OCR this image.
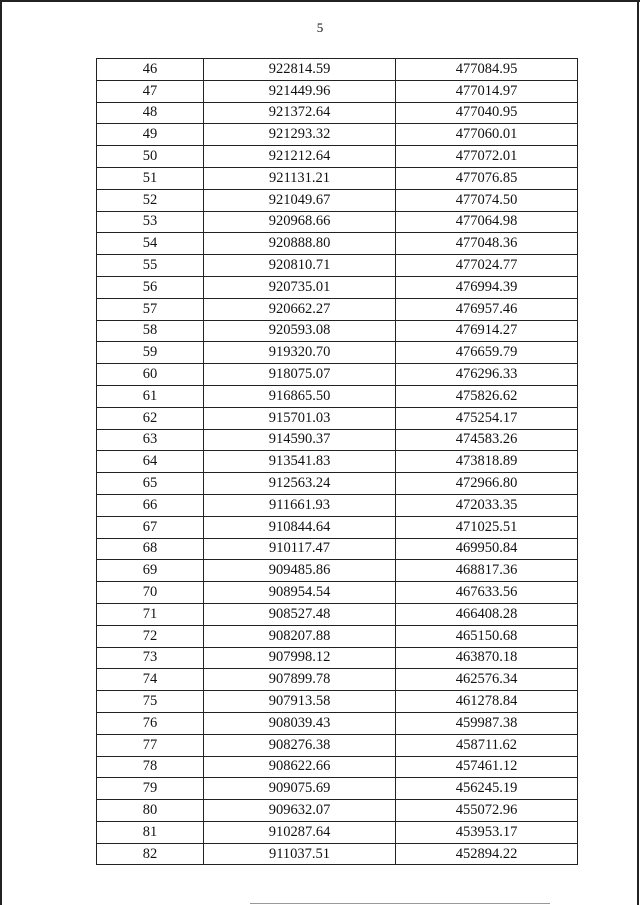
5
46	922814.59	477084.95
47	921449.96	477014.97
48	921372.64	477040.95
49	921293.32	477060.01
50	921212.64	477072.01
51	921131.21	477076.85
52	921049.67	477074.50
53	920968.66	477064.98
54	920888.80	477048.36
55	920810.71	477024.77
56	920735.01	476994.39
57	920662.27	476957.46
58	920593.08	476914.27
59	919320.70	476659.79
60	918075.07	476296.33
61	916865.50	475826.62
62	915701.03	475254.17
63	914590.37	474583.26
64	913541.83	473818.89
65	912563.24	472966.80
66	911661.93	472033.35
67	910844.64	471025.51
68	910117.47	469950.84
69	909485.86	468817.36
70	908954.54	467633.56
71	908527.48	466408.28
72	908207.88	465150.68
73	907998.12	463870.18
74	907899.78	462576.34
75	907913.58	461278.84
76	908039.43	459987.38
77	908276.38	458711.62
78	908622.66	457461.12
79	909075.69	456245.19
80	909632.07	455072.96
81	910287.64	453953.17
82	911037.51	452894.22
